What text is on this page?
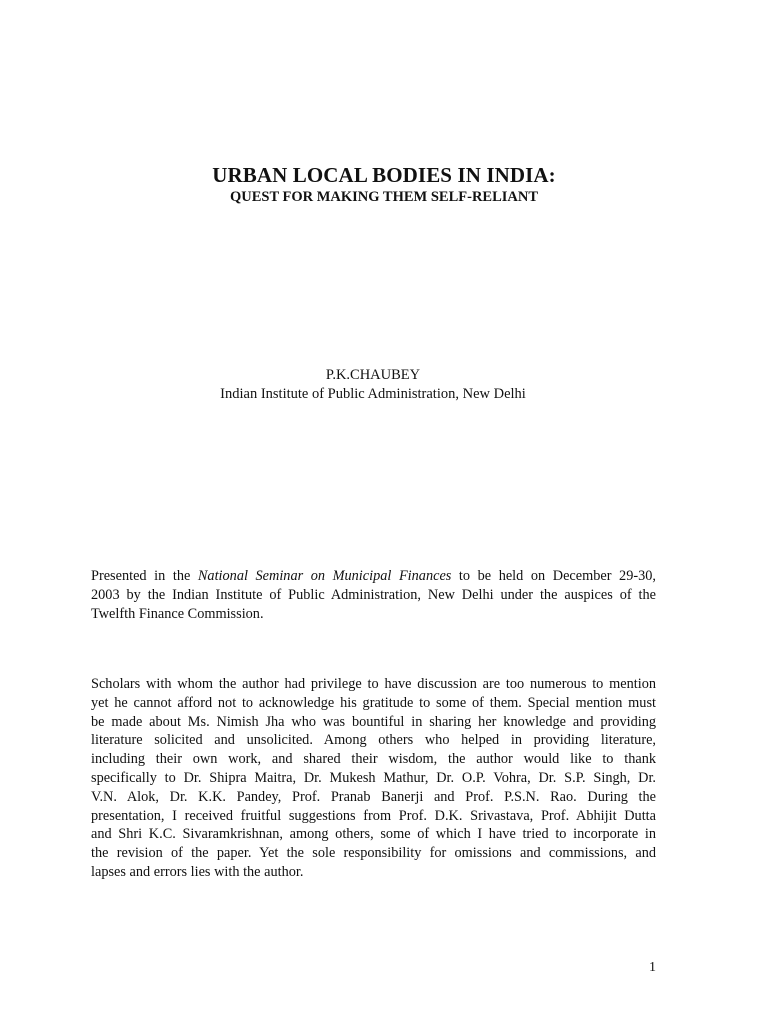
URBAN LOCAL BODIES IN INDIA:
QUEST FOR MAKING THEM SELF-RELIANT
P.K.CHAUBEY
Indian Institute of Public Administration, New Delhi
Presented in the National Seminar on Municipal Finances to be held on December 29-30,
2003 by the Indian Institute of Public Administration, New Delhi under the auspices of the
Twelfth Finance Commission.
Scholars with whom the author had privilege to have discussion are too numerous to mention
yet he cannot afford not to acknowledge his gratitude to some of them. Special mention must
be made about Ms. Nimish Jha who was bountiful in sharing her knowledge and providing
literature solicited and unsolicited. Among others who helped in providing literature,
including their own work, and shared their wisdom, the author would like to thank
specifically to Dr. Shipra Maitra, Dr. Mukesh Mathur, Dr. O.P. Vohra, Dr. S.P. Singh, Dr.
V.N. Alok, Dr. K.K. Pandey, Prof. Pranab Banerji and Prof. P.S.N. Rao. During the
presentation, I received fruitful suggestions from Prof. D.K. Srivastava, Prof. Abhijit Dutta
and Shri K.C. Sivaramkrishnan, among others, some of which I have tried to incorporate in
the revision of the paper. Yet the sole responsibility for omissions and commissions, and
lapses and errors lies with the author.
1
